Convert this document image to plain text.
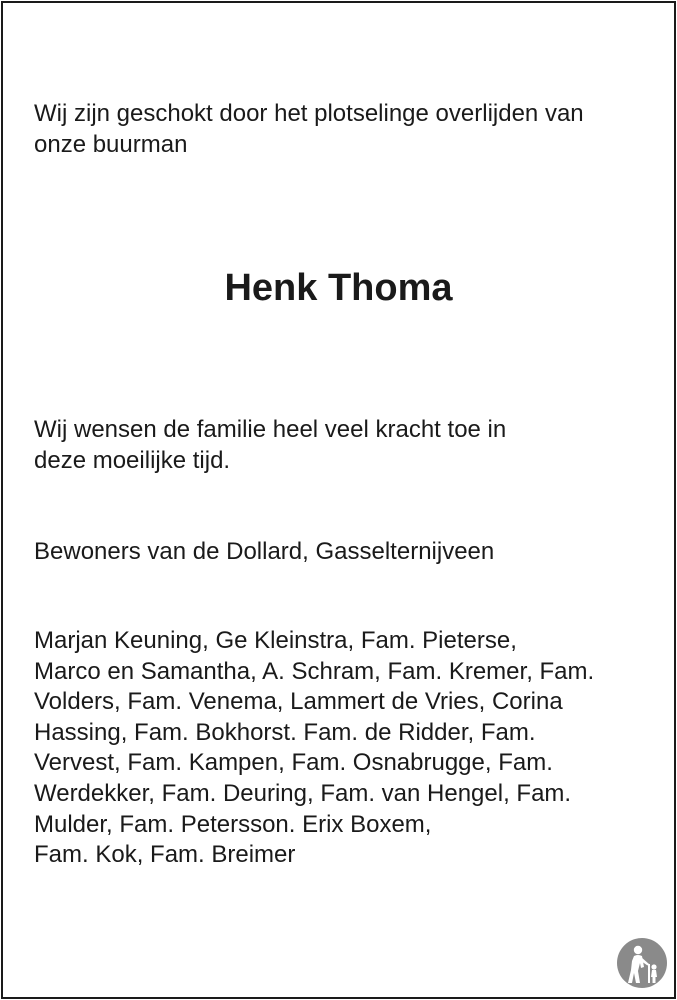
Wij zijn geschokt door het plotselinge overlijden van
onze buurman

Henk Thoma

Wij wensen de familie heel veel kracht toe in
deze moeilijke tijd.

Bewoners van de Dollard, Gasselternijveen

Marjan Keuning, Ge Kleinstra, Fam. Pieterse,
Marco en Samantha, A. Schram, Fam. Kremer, Fam.
Volders, Fam. Venema, Lammert de Vries, Corina
Hassing, Fam. Bokhorst. Fam. de Ridder, Fam.
Vervest, Fam. Kampen, Fam. Osnabrugge, Fam.
Werdekker, Fam. Deuring, Fam. van Hengel, Fam.
Mulder, Fam. Petersson. Erix Boxem,
Fam. Kok, Fam. Breimer
